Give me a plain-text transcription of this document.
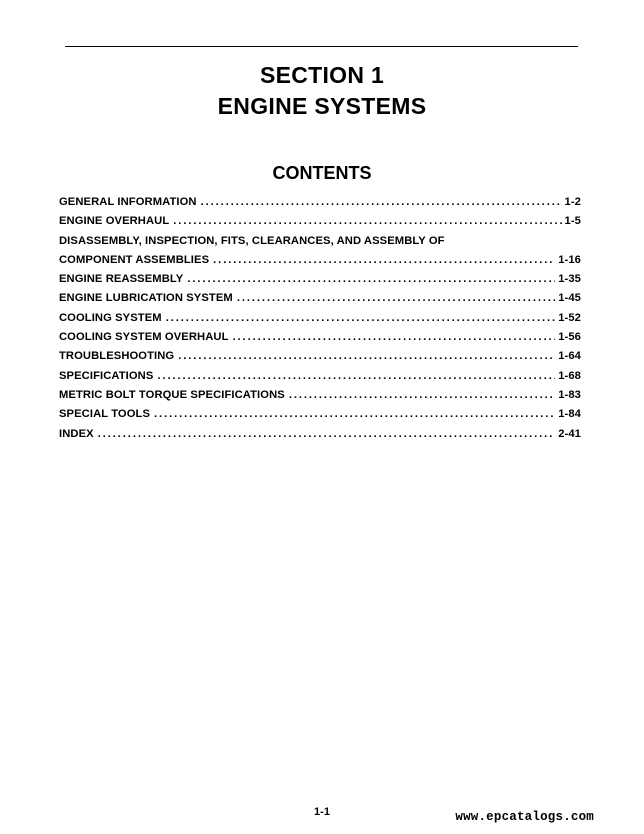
SECTION 1
ENGINE SYSTEMS
CONTENTS
GENERAL INFORMATION . . .	1-2
ENGINE OVERHAUL . . .	1-5
DISASSEMBLY, INSPECTION, FITS, CLEARANCES, AND ASSEMBLY OF
COMPONENT ASSEMBLIES . . .	1-16
ENGINE REASSEMBLY . . .	1-35
ENGINE LUBRICATION SYSTEM . . .	1-45
COOLING SYSTEM . . .	1-52
COOLING SYSTEM OVERHAUL . . .	1-56
TROUBLESHOOTING . . .	1-64
SPECIFICATIONS . . .	1-68
METRIC BOLT TORQUE SPECIFICATIONS . . .	1-83
SPECIAL TOOLS . . .	1-84
INDEX . . .	2-41
1-1	www.epcatalogs.com
